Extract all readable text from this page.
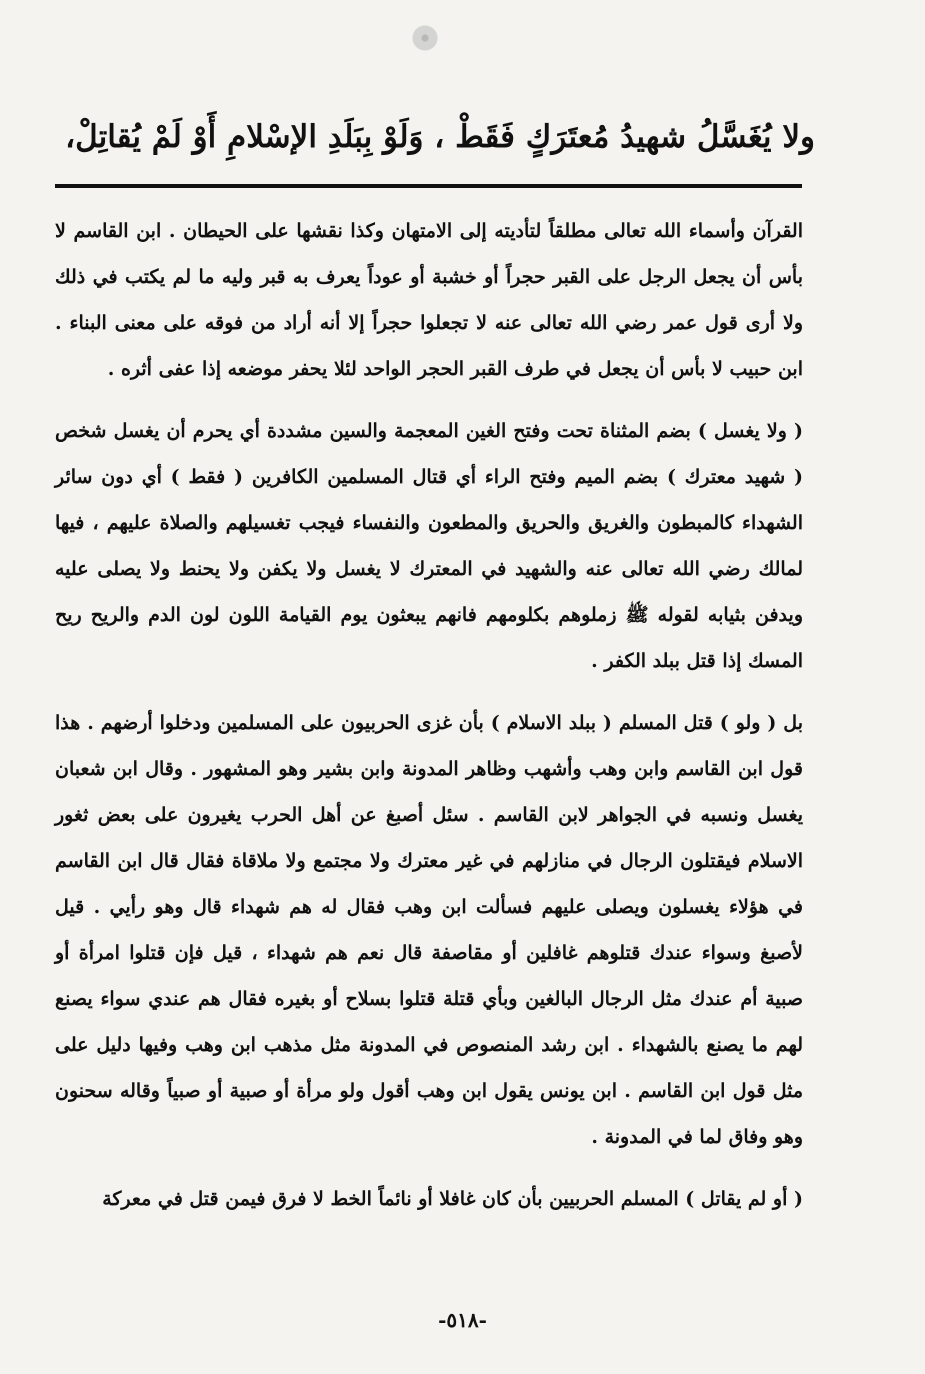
ولا يُغَسَّلُ شهيدُ مُعتَرَكٍ فَقَطْ ، وَلَوْ بِبَلَدِ الإسْلامِ أَوْ لَمْ يُقاتِلْ،

القرآن وأسماء الله تعالى مطلقاً لتأديته إلى الامتهان وكذا نقشها على الحيطان . ابن القاسم لا بأس أن يجعل الرجل على القبر حجراً أو خشبة أو عوداً يعرف به قبر وليه ما لم يكتب في ذلك ولا أرى قول عمر رضي الله تعالى عنه لا تجعلوا حجراً إلا أنه أراد من فوقه على معنى البناء . ابن حبيب لا بأس أن يجعل في طرف القبر الحجر الواحد لئلا يحفر موضعه إذا عفى أثره .

( ولا يغسل ) بضم المثناة تحت وفتح الغين المعجمة والسين مشددة أي يحرم أن يغسل شخص ( شهيد معترك ) بضم الميم وفتح الراء أي قتال المسلمين الكافرين ( فقط ) أي دون سائر الشهداء كالمبطون والغريق والحريق والمطعون والنفساء فيجب تغسيلهم والصلاة عليهم ، فيها لمالك رضي الله تعالى عنه والشهيد في المعترك لا يغسل ولا يكفن ولا يحنط ولا يصلى عليه ويدفن بثيابه لقوله ﷺ زملوهم بكلومهم فانهم يبعثون يوم القيامة اللون لون الدم والريح ريح المسك إذا قتل ببلد الكفر .

بل ( ولو ) قتل المسلم ( ببلد الاسلام ) بأن غزى الحربيون على المسلمين ودخلوا أرضهم . هذا قول ابن القاسم وابن وهب وأشهب وظاهر المدونة وابن بشير وهو المشهور . وقال ابن شعبان يغسل ونسبه في الجواهر لابن القاسم . سئل أصبغ عن أهل الحرب يغيرون على بعض ثغور الاسلام فيقتلون الرجال في منازلهم في غير معترك ولا مجتمع ولا ملاقاة فقال قال ابن القاسم في هؤلاء يغسلون ويصلى عليهم فسألت ابن وهب فقال له هم شهداء قال وهو رأيي . قيل لأصبغ وسواء عندك قتلوهم غافلين أو مقاصفة قال نعم هم شهداء ، قيل فإن قتلوا امرأة أو صبية أم عندك مثل الرجال البالغين وبأي قتلة قتلوا بسلاح أو بغيره فقال هم عندي سواء يصنع لهم ما يصنع بالشهداء . ابن رشد المنصوص في المدونة مثل مذهب ابن وهب وفيها دليل على مثل قول ابن القاسم . ابن يونس يقول ابن وهب أقول ولو مرأة أو صبية أو صبياً وقاله سحنون وهو وفاق لما في المدونة .

( أو لم يقاتل ) المسلم الحربيين بأن كان غافلا أو نائماً الخط لا فرق فيمن قتل في معركة

-٥١٨-
